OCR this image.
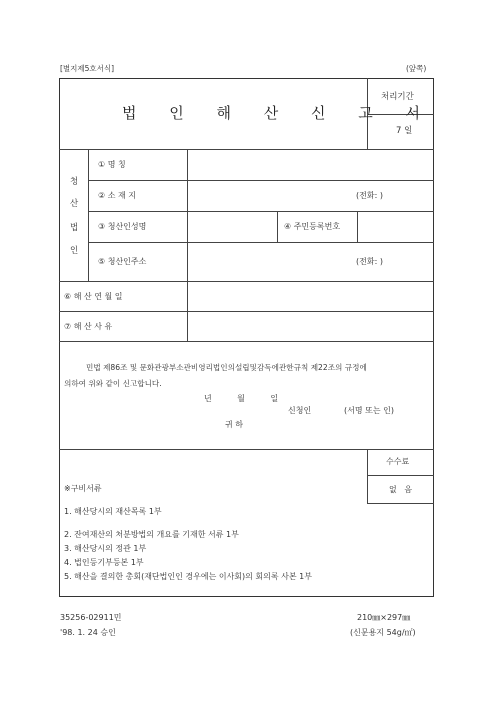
[별지제5호서식]	(앞쪽)
법 인 해 산 신 고 서
처리기간
7 일
청
산
법
인
① 명 칭
② 소 재 지	(전화: )
③ 청산인성명	④ 주민등록번호
⑤ 청산인주소	(전화: )
⑥ 해 산 연 월 일
⑦ 해 산 사 유
민법 제86조 및 문화관광부소관비영리법인의설립및감독에관한규칙 제22조의 규정에
의하여 위와 같이 신고합니다.
년          월          일
신청인	(서명 또는 인)
귀 하
수수료
없   음
※구비서류
1. 해산당시의 재산목록 1부
2. 잔여재산의 처분방법의 개요를 기재한 서류 1부
3. 해산당시의 정관 1부
4. 법인등기부등본 1부
5. 해산을 결의한 총회(재단법인인 경우에는 이사회)의 회의록 사본 1부
35256-02911민
'98. 1. 24 승인
210㎜×297㎜
(신문용지 54g/㎡)
